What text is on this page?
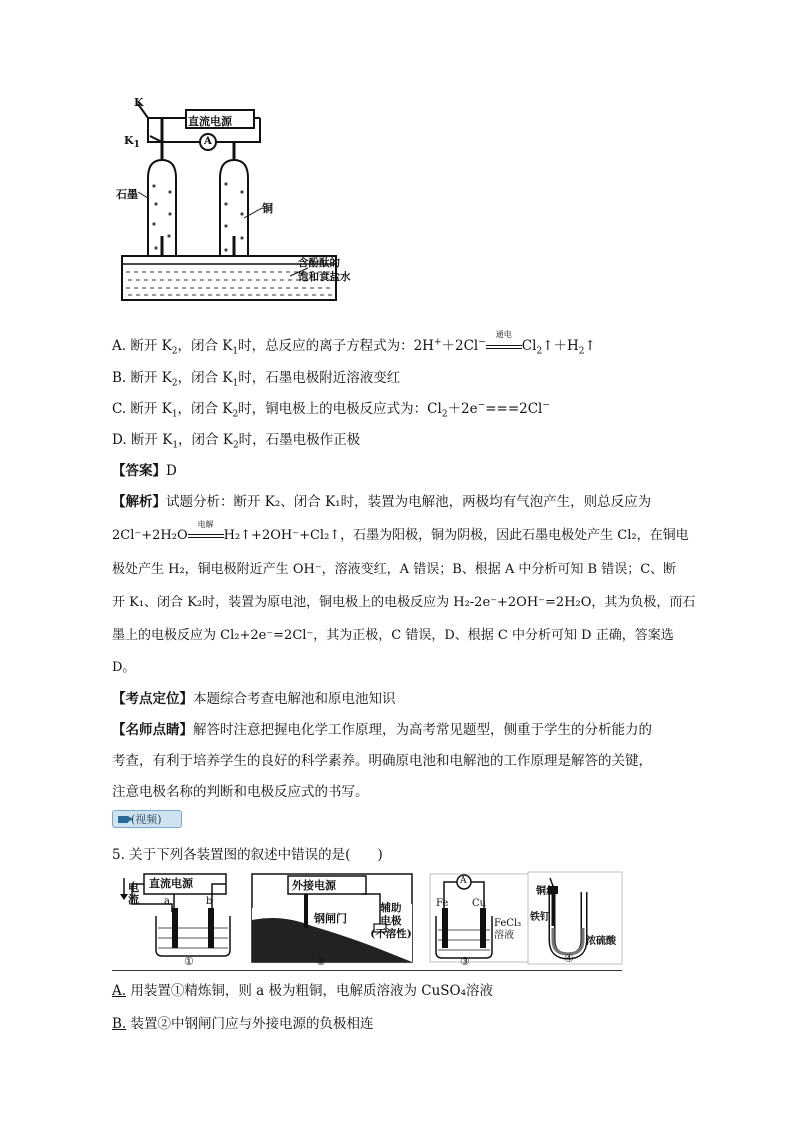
K
$K_1$
直流电源
A
石墨
铜
含酚酞的
饱和食盐水
A. 断开 $K_2$，闭合 $K_1$时，总反应的离子方程式为：2H+＋2Cl−
通电
$Cl_2↑+H_2↑$
B. 断开 $K_2$，闭合 $K_1$时，石墨电极附近溶液变红
C. 断开 $K_1$，闭合 $K_2$时，铜电极上的电极反应式为：$Cl_2+2e^-===2Cl^-$
D. 断开 $K_1$，闭合 $K_2$时，石墨电极作正极
【答案】D
【解析】试题分析：断开 K₂、闭合 K₁时，装置为电解池，两极均有气泡产生，则总反应为
2Cl⁻+2H₂O
电解
H₂↑+2OH⁻+Cl₂↑，石墨为阳极，铜为阴极，因此石墨电极处产生 Cl₂，在铜电
极处产生 H₂，铜电极附近产生 OH⁻，溶液变红，A 错误；B、根据 A 中分析可知 B 错误；C、断
开 K₁、闭合 K₂时，装置为原电池，铜电极上的电极反应为 H₂-2e⁻+2OH⁻=2H₂O，其为负极，而石
墨上的电极反应为 Cl₂+2e⁻=2Cl⁻，其为正极，C 错误，D、根据 C 中分析可知 D 正确，答案选
D。
【考点定位】本题综合考查电解池和原电池知识
【名师点睛】解答时注意把握电化学工作原理，为高考常见题型，侧重于学生的分析能力的
考查，有利于培养学生的良好的科学素养。明确原电池和电解池的工作原理是解答的关键，
注意电极名称的判断和电极反应式的书写。
(视频)
5. 关于下列各装置图的叙述中错误的是(　　)
电流
直流电源
a	b
①
外接电源
钢闸门
辅助
电极
(不溶性)
②
A
Fe Cu
FeCl₃
溶液
③
铜丝
铁钉
浓硫酸
④
A. 用装置①精炼铜，则 a 极为粗铜，电解质溶液为 CuSO₄溶液
B. 装置②中钢闸门应与外接电源的负极相连
